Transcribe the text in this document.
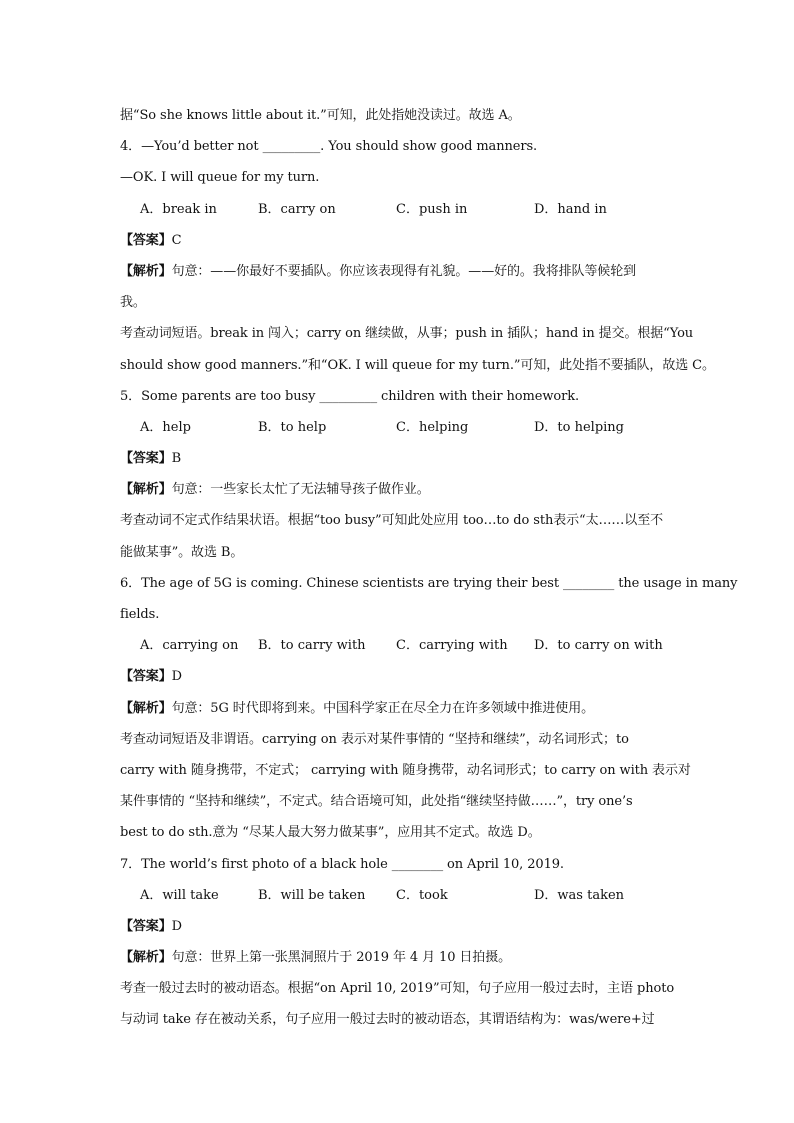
据“So she knows little about it.”可知，此处指她没读过。故选 A。
4．—You’d better not _________. You should show good manners.
—OK. I will queue for my turn.
A．break in	B．carry on	C．push in	D．hand in
【答案】C
【解析】句意：——你最好不要插队。你应该表现得有礼貌。——好的。我将排队等候轮到
我。
考查动词短语。break in 闯入；carry on 继续做，从事；push in 插队；hand in 提交。根据“You
should show good manners.”和“OK. I will queue for my turn.”可知，此处指不要插队，故选 C。
5．Some parents are too busy _________ children with their homework.
A．help	B．to help	C．helping	D．to helping
【答案】B
【解析】句意：一些家长太忙了无法辅导孩子做作业。
考查动词不定式作结果状语。根据“too busy”可知此处应用 too…to do sth表示“太……以至不
能做某事”。故选 B。
6．The age of 5G is coming. Chinese scientists are trying their best ________ the usage in many
fields.
A．carrying on	B．to carry with	C．carrying with	D．to carry on with
【答案】D
【解析】句意：5G 时代即将到来。中国科学家正在尽全力在许多领域中推进使用。
考查动词短语及非谓语。carrying on 表示对某件事情的 “坚持和继续”，动名词形式；to
carry with 随身携带，不定式； carrying with 随身携带，动名词形式；to carry on with 表示对
某件事情的 “坚持和继续”，不定式。结合语境可知，此处指“继续坚持做……”，try one’s
best to do sth.意为 “尽某人最大努力做某事”，应用其不定式。故选 D。
7．The world’s first photo of a black hole ________ on April 10, 2019.
A．will take	B．will be taken	C．took	D．was taken
【答案】D
【解析】句意：世界上第一张黑洞照片于 2019 年 4 月 10 日拍摄。
考查一般过去时的被动语态。根据“on April 10, 2019”可知，句子应用一般过去时，主语 photo
与动词 take 存在被动关系，句子应用一般过去时的被动语态，其谓语结构为：was/were+过
